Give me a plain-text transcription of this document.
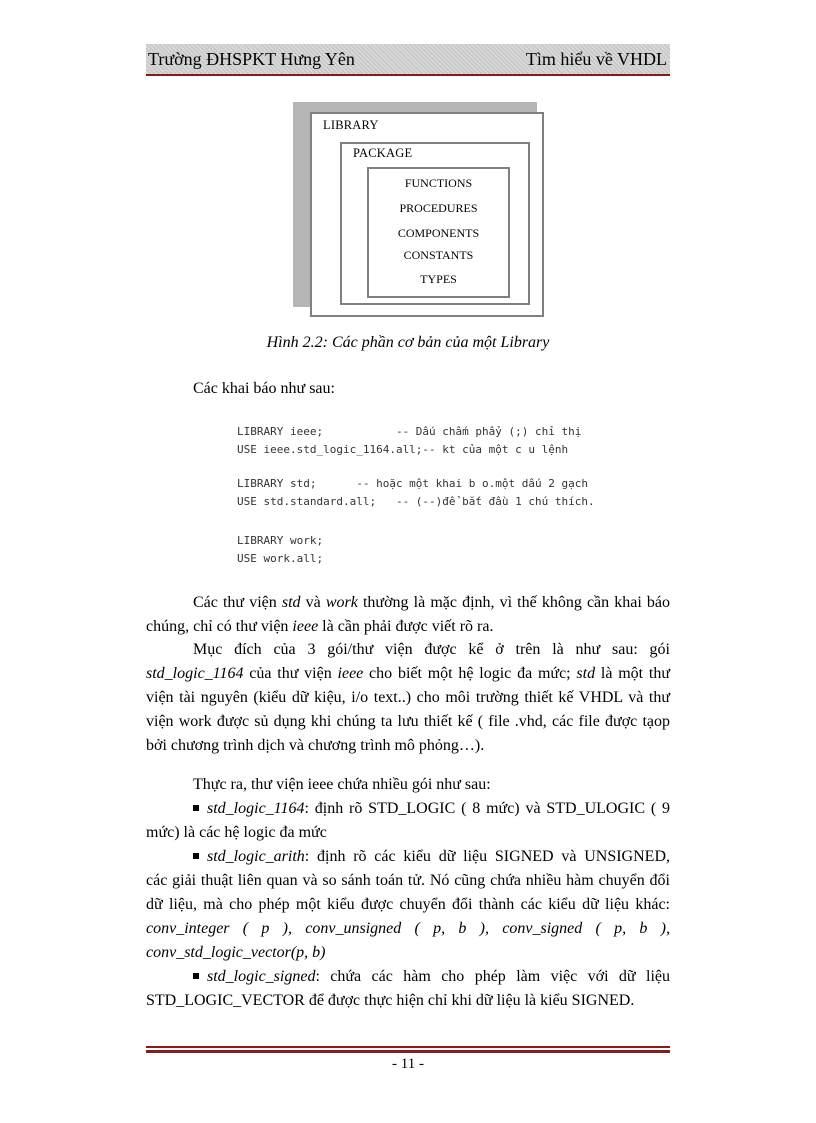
Trường ĐHSPKT Hưng Yên	Tìm hiểu về VHDL
LIBRARY
PACKAGE
FUNCTIONS
PROCEDURES
COMPONENTS
CONSTANTS
TYPES
Hình 2.2: Các phần cơ bản của một Library
Các khai báo như sau:
LIBRARY ieee;           -- Dấu chấm phẩy (;) chỉ thị
USE ieee.std_logic_1164.all;-- kt của một c u lệnh
LIBRARY std;      -- hoặc một khai b o.một dấu 2 gạch
USE std.standard.all;   -- (--)để bắt đầu 1 chú thích.
LIBRARY work;
USE work.all;
Các thư viện std và work thường là mặc định, vì thế không cần khai báo
chúng, chỉ có thư viện ieee là cần phải được viết rõ ra.
Mục đích của 3 gói/thư viện được kể ở trên là như sau: gói
std_logic_1164 của thư viện ieee cho biết một hệ logic đa mức; std là một thư
viện tài nguyên (kiểu dữ kiệu, i/o text..) cho môi trường thiết kế VHDL và thư
viện work được sủ dụng khi chúng ta lưu thiết kế ( file .vhd, các file được tạop
bởi chương trình dịch và chương trình mô phỏng…).
Thực ra, thư viện ieee chứa nhiều gói như sau:
std_logic_1164: định rõ STD_LOGIC ( 8 mức) và STD_ULOGIC ( 9
mức) là các hệ logic đa mức
std_logic_arith: định rõ các kiểu dữ liệu SIGNED và UNSIGNED,
các giải thuật liên quan và so sánh toán tử. Nó cũng chứa nhiều hàm chuyển đổi
dữ liệu, mà cho phép một kiểu được chuyển đổi thành các kiểu dữ liệu khác:
conv_integer ( p ), conv_unsigned ( p, b ), conv_signed ( p, b ),
conv_std_logic_vector(p, b)
std_logic_signed: chứa các hàm cho phép làm việc với dữ liệu
STD_LOGIC_VECTOR để được thực hiện chỉ khi dữ liệu là kiểu SIGNED.
- 11 -
